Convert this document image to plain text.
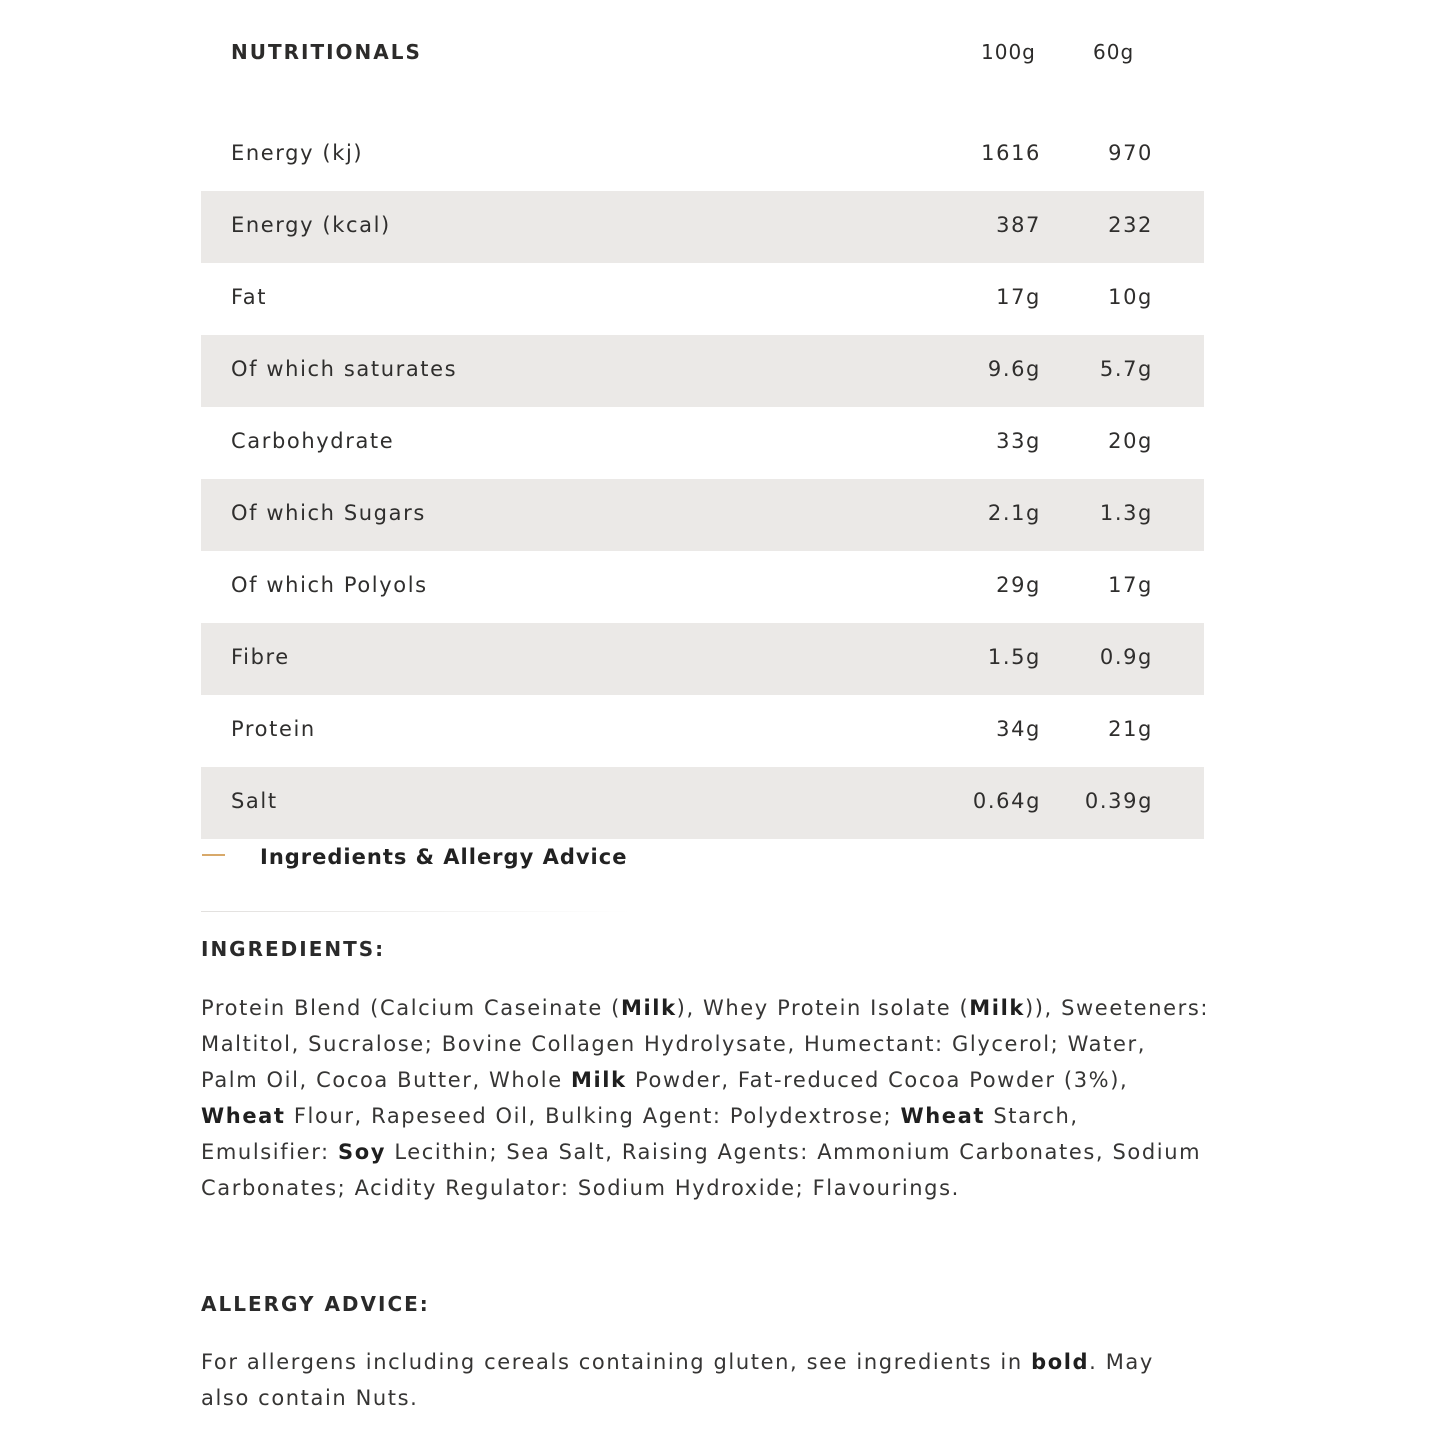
NUTRITIONALS	100g	60g
Energy (kj)	1616	970
Energy (kcal)	387	232
Fat	17g	10g
Of which saturates	9.6g	5.7g
Carbohydrate	33g	20g
Of which Sugars	2.1g	1.3g
Of which Polyols	29g	17g
Fibre	1.5g	0.9g
Protein	34g	21g
Salt	0.64g	0.39g
Ingredients & Allergy Advice
INGREDIENTS:
Protein Blend (Calcium Caseinate (Milk), Whey Protein Isolate (Milk)), Sweeteners: Maltitol, Sucralose; Bovine Collagen Hydrolysate, Humectant: Glycerol; Water, Palm Oil, Cocoa Butter, Whole Milk Powder, Fat-reduced Cocoa Powder (3%), Wheat Flour, Rapeseed Oil, Bulking Agent: Polydextrose; Wheat Starch, Emulsifier: Soy Lecithin; Sea Salt, Raising Agents: Ammonium Carbonates, Sodium Carbonates; Acidity Regulator: Sodium Hydroxide; Flavourings.
ALLERGY ADVICE:
For allergens including cereals containing gluten, see ingredients in bold. May also contain Nuts.
